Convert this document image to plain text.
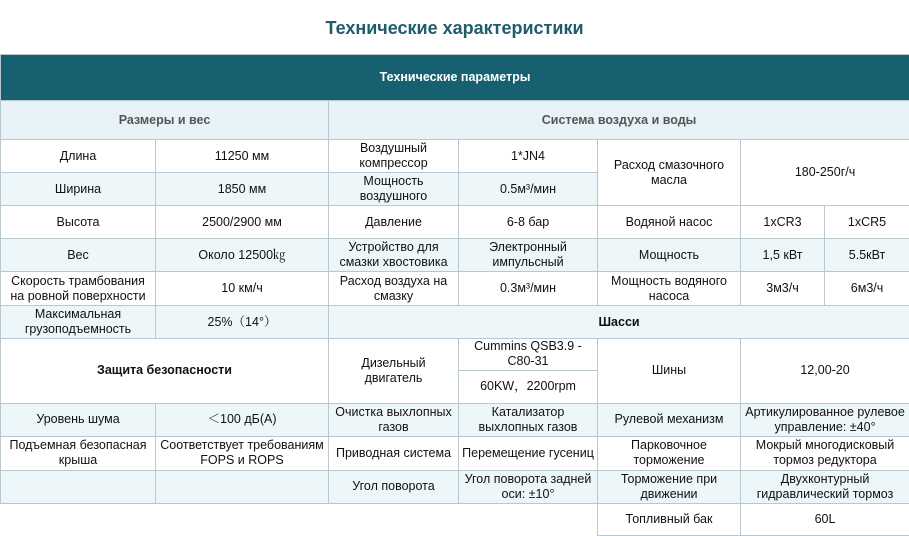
Технические характеристики
Технические параметры						
Размеры и вес		Система воздуха и воды				
Длина	11250 мм	Воздушный компрессор	1*JN4	Расход смазочного масла	180-250г/ч	
Ширина	1850 мм	Мощность воздушного	0.5м³/мин			
Высота	2500/2900 мм	Давление	6-8 бар	Водяной насос	1xCR3	1xCR5
Вес	Около 12500㎏	Устройство для смазки хвостовика	Электронный импульсный	Мощность	1,5 кВт	5.5кВт
Скорость трамбования на ровной поверхности	10 км/ч	Расход воздуха на смазку	0.3м³/мин	Мощность водяного насоса	3м3/ч	6м3/ч
Максимальная грузоподъемность	25%（14°）	Шасси				
Защита безопасности		Дизельный двигатель	Cummins QSB3.9 - C80-31	Шины	12,00-20	
			60KW，2200rpm			
Уровень шума	＜100 дБ(А)	Очистка выхлопных газов	Катализатор выхлопных газов	Рулевой механизм	Артикулированное рулевое управление: ±40°	
Подъемная безопасная крыша	Соответствует требованиям FOPS и ROPS	Приводная система	Перемещение гусениц	Парковочное торможение	Мокрый многодисковый тормоз редуктора	
		Угол поворота	Угол поворота задней оси: ±10°	Торможение при движении	Двухконтурный гидравлический тормоз	
				Топливный бак	60L	
